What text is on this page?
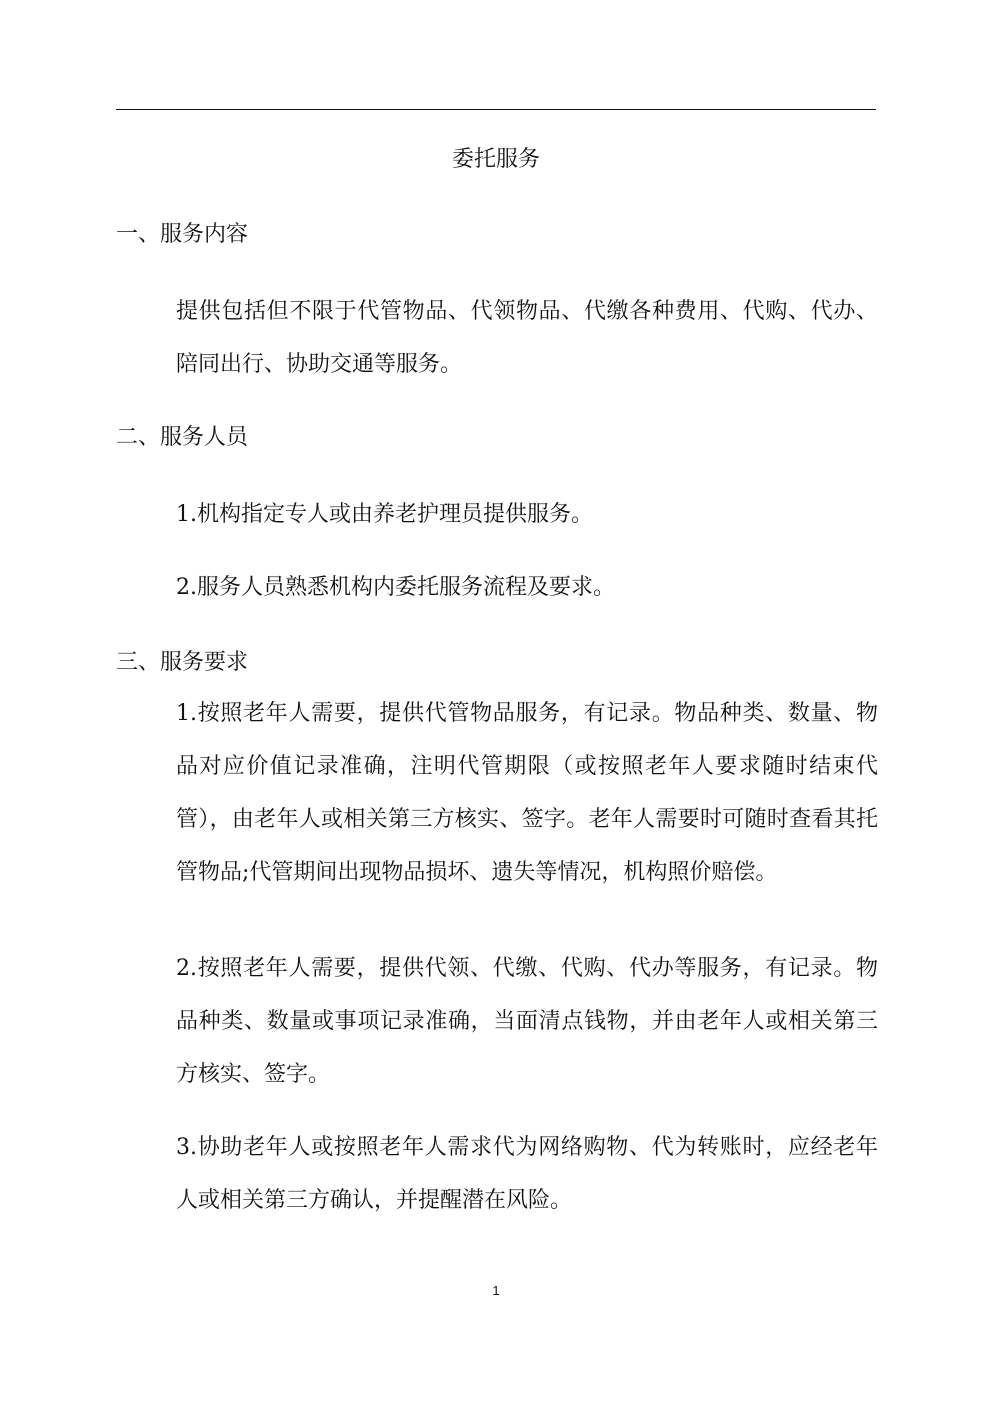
委托服务
一、服务内容
提供包括但不限于代管物品、代领物品、代缴各种费用、代购、代办、陪同出行、协助交通等服务。
二、服务人员
1.机构指定专人或由养老护理员提供服务。
2.服务人员熟悉机构内委托服务流程及要求。
三、服务要求
1.按照老年人需要，提供代管物品服务，有记录。物品种类、数量、物品对应价值记录准确，注明代管期限（或按照老年人要求随时结束代管），由老年人或相关第三方核实、签字。老年人需要时可随时查看其托管物品;代管期间出现物品损坏、遗失等情况，机构照价赔偿。
2.按照老年人需要，提供代领、代缴、代购、代办等服务，有记录。物品种类、数量或事项记录准确，当面清点钱物，并由老年人或相关第三方核实、签字。
3.协助老年人或按照老年人需求代为网络购物、代为转账时，应经老年人或相关第三方确认，并提醒潜在风险。
1
